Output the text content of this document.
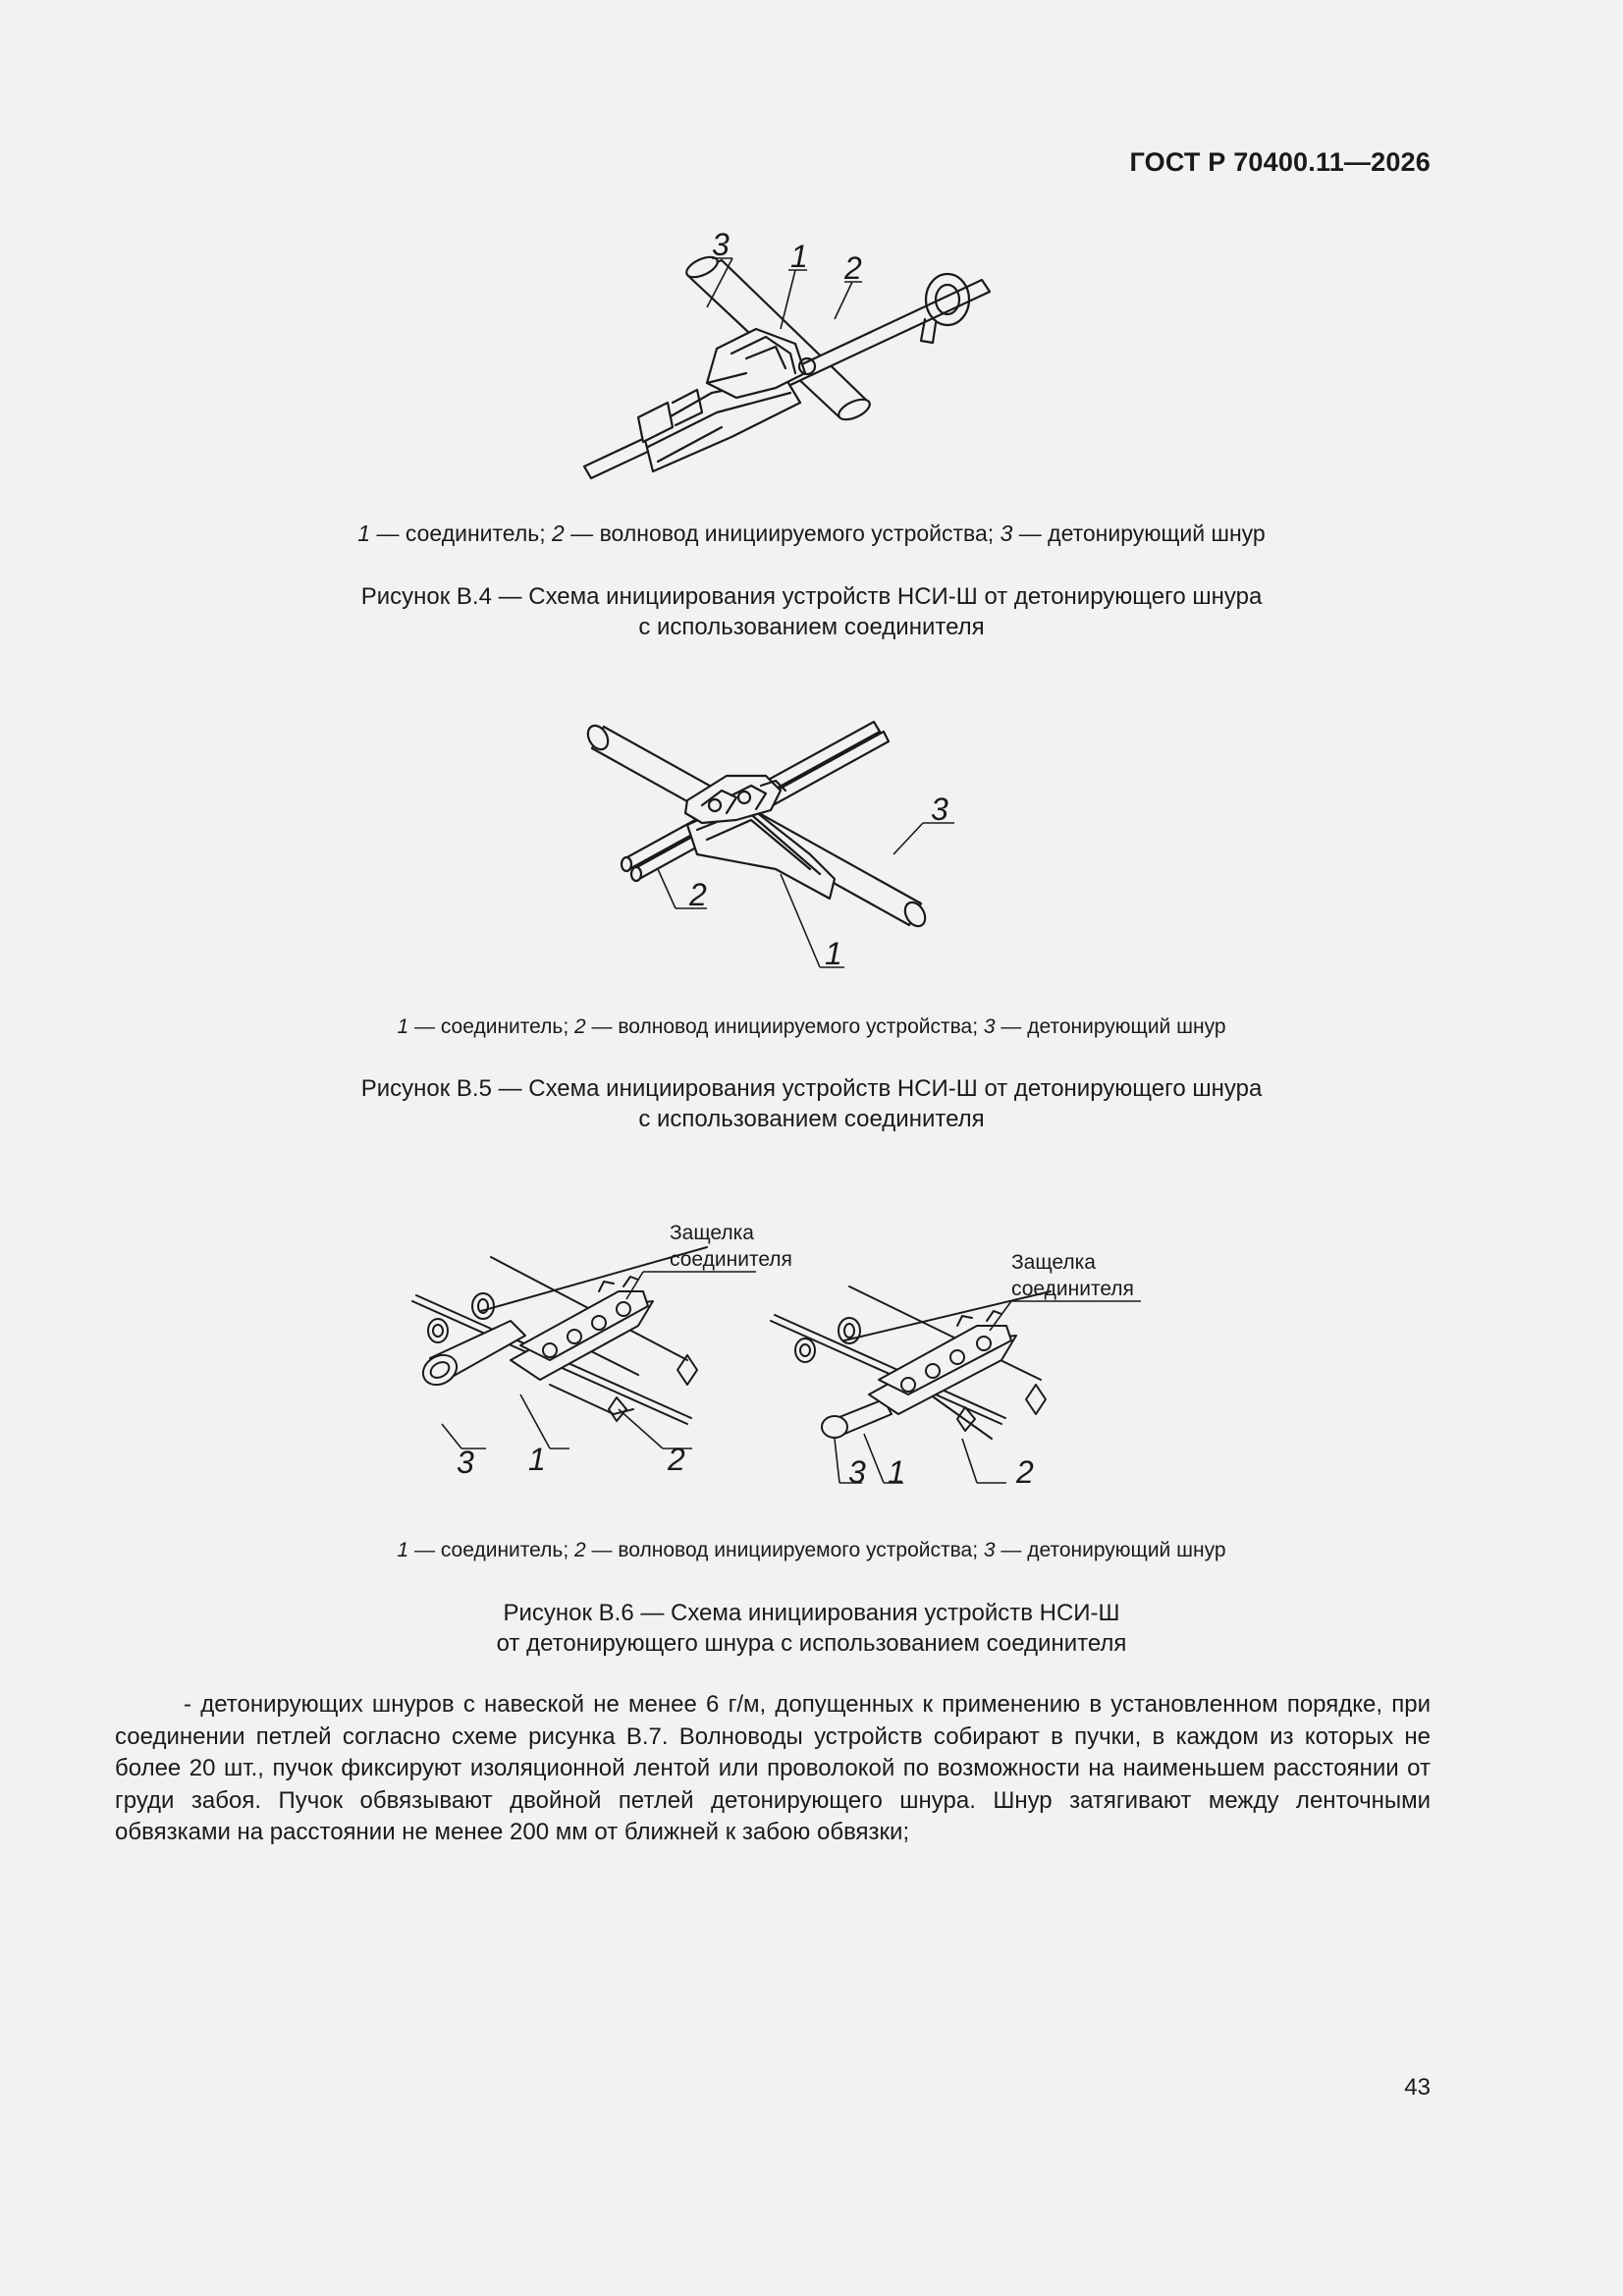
ГОСТ Р 70400.11—2026
3 1 2
1 — соединитель; 2 — волновод инициируемого устройства; 3 — детонирующий шнур
Рисунок В.4 — Схема инициирования устройств НСИ-Ш от детонирующего шнура
с использованием соединителя
2
1
3
1 — соединитель; 2 — волновод инициируемого устройства; 3 — детонирующий шнур
Рисунок В.5 — Схема инициирования устройств НСИ-Ш от детонирующего шнура
с использованием соединителя
Защелка
соединителя
3 1	2
Защелка
соединителя
3 1	2
1 — соединитель; 2 — волновод инициируемого устройства; 3 — детонирующий шнур
Рисунок В.6 — Схема инициирования устройств НСИ-Ш
от детонирующего шнура с использованием соединителя
- детонирующих шнуров с навеской не менее 6 г/м, допущенных к применению в установленном порядке, при соединении петлей согласно схеме рисунка В.7. Волноводы устройств собирают в пучки, в каждом из которых не более 20 шт., пучок фиксируют изоляционной лентой или проволокой по возможности на наименьшем расстоянии от груди забоя. Пучок обвязывают двойной петлей детонирующего шнура. Шнур затягивают между ленточными обвязками на расстоянии не менее 200 мм от ближней к забою обвязки;
43
